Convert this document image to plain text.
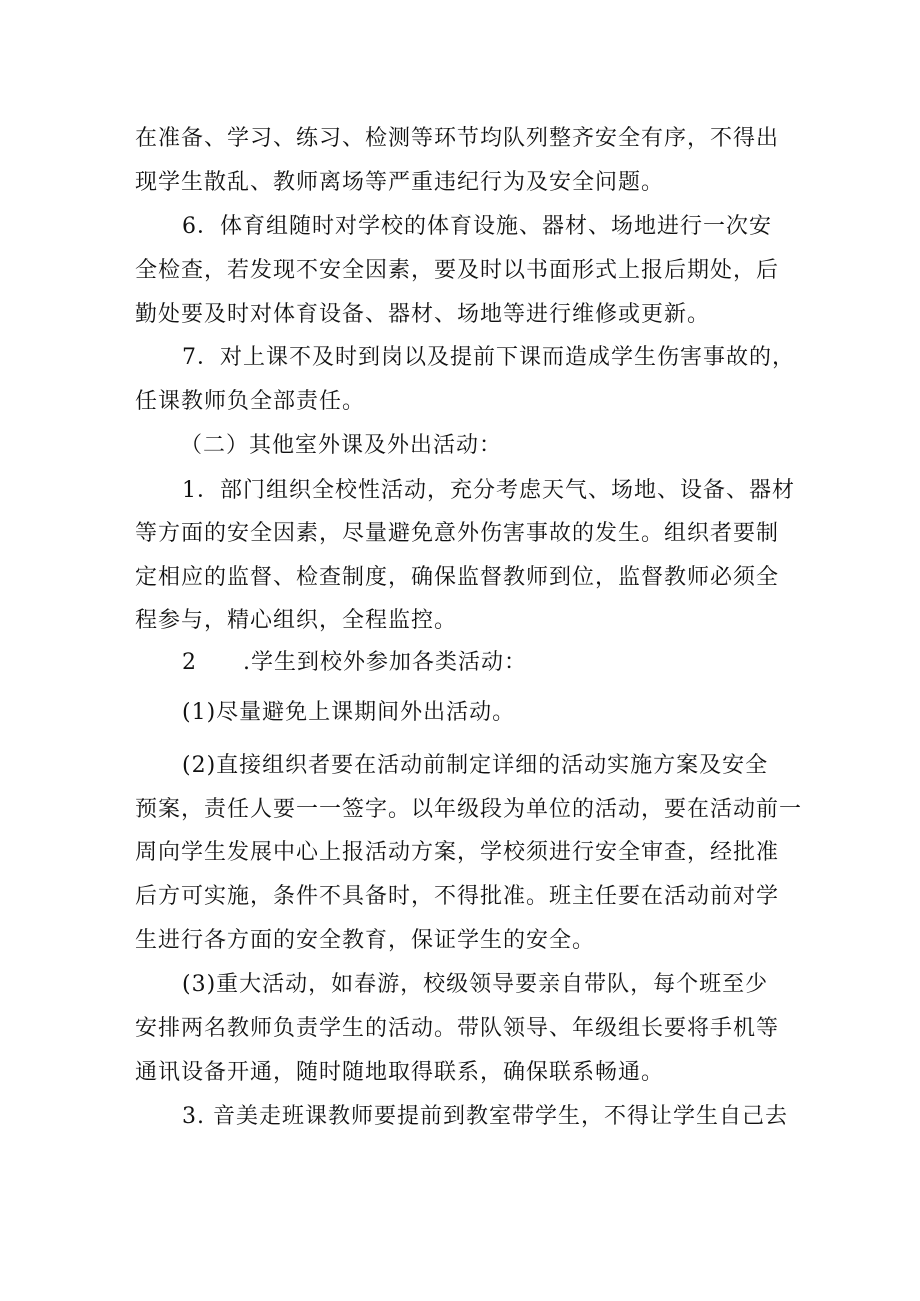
在准备、学习、练习、检测等环节均队列整齐安全有序，不得出
现学生散乱、教师离场等严重违纪行为及安全问题。
6．体育组随时对学校的体育设施、器材、场地进行一次安
全检查，若发现不安全因素，要及时以书面形式上报后期处，后
勤处要及时对体育设备、器材、场地等进行维修或更新。
7．对上课不及时到岗以及提前下课而造成学生伤害事故的，
任课教师负全部责任。
（二）其他室外课及外出活动：
1．部门组织全校性活动，充分考虑天气、场地、设备、器材
等方面的安全因素，尽量避免意外伤害事故的发生。组织者要制
定相应的监督、检查制度，确保监督教师到位，监督教师必须全
程参与，精心组织，全程监控。
2　　.学生到校外参加各类活动：
(1)尽量避免上课期间外出活动。
(2)直接组织者要在活动前制定详细的活动实施方案及安全
预案，责任人要一一签字。以年级段为单位的活动，要在活动前一
周向学生发展中心上报活动方案，学校须进行安全审查，经批准
后方可实施，条件不具备时，不得批准。班主任要在活动前对学
生进行各方面的安全教育，保证学生的安全。
(3)重大活动，如春游，校级领导要亲自带队，每个班至少
安排两名教师负责学生的活动。带队领导、年级组长要将手机等
通讯设备开通，随时随地取得联系，确保联系畅通。
3. 音美走班课教师要提前到教室带学生，不得让学生自己去
